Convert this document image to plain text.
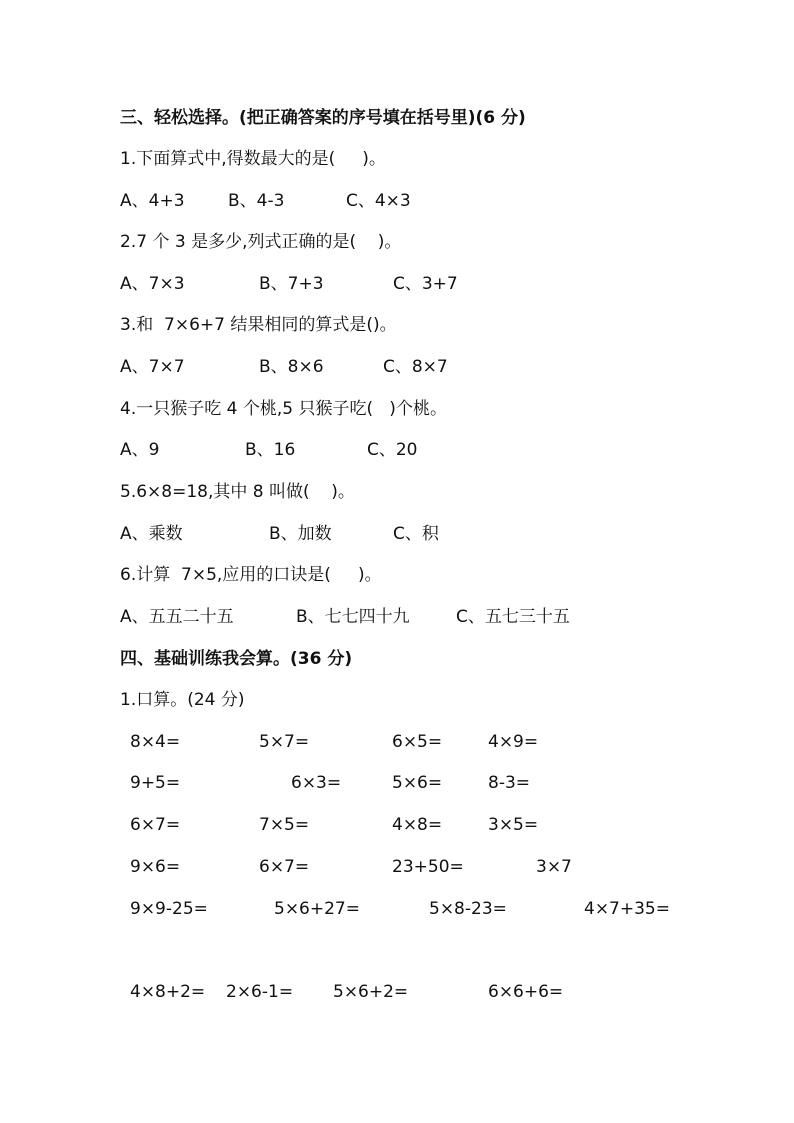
三、轻松选择。(把正确答案的序号填在括号里)(6 分)
1.下面算式中,得数最大的是(     )。
A、4+3	B、4-3	C、4×3
2.7 个 3 是多少,列式正确的是(    )。
A、7×3	B、7+3	C、3+7
3.和  7×6+7 结果相同的算式是()。
A、7×7	B、8×6	C、8×7
4.一只猴子吃 4 个桃,5 只猴子吃(   )个桃。
A、9	B、16	C、20
5.6×8=18,其中 8 叫做(    )。
A、乘数	B、加数	C、积
6.计算  7×5,应用的口诀是(     )。
A、五五二十五	B、七七四十九	C、五七三十五
四、基础训练我会算。(36 分)
1.口算。(24 分)
8×4=	5×7=	6×5=	4×9=
9+5=	6×3=	5×6=	8-3=
6×7=	7×5=	4×8=	3×5=
9×6=	6×7=	23+50=	3×7
9×9-25=	5×6+27=	5×8-23=	4×7+35=
4×8+2= 2×6-1= 5×6+2=	6×6+6=
